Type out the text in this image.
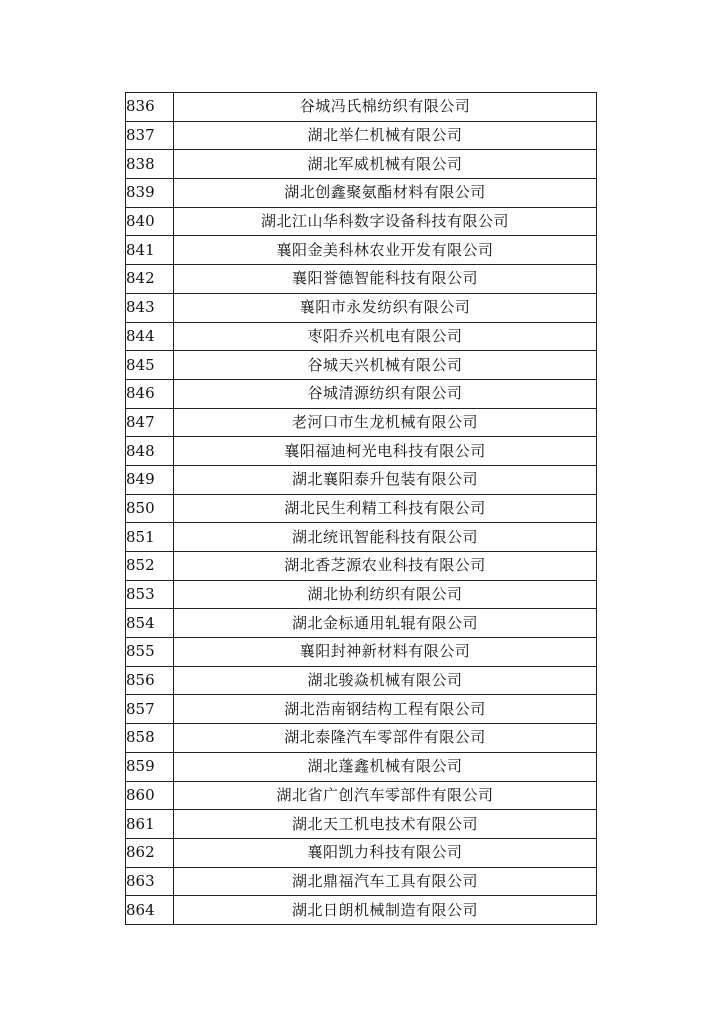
836	谷城冯氏棉纺织有限公司
837	湖北举仁机械有限公司
838	湖北军威机械有限公司
839	湖北创鑫聚氨酯材料有限公司
840	湖北江山华科数字设备科技有限公司
841	襄阳金美科林农业开发有限公司
842	襄阳誉德智能科技有限公司
843	襄阳市永发纺织有限公司
844	枣阳乔兴机电有限公司
845	谷城天兴机械有限公司
846	谷城清源纺织有限公司
847	老河口市生龙机械有限公司
848	襄阳福迪柯光电科技有限公司
849	湖北襄阳泰升包装有限公司
850	湖北民生利精工科技有限公司
851	湖北统讯智能科技有限公司
852	湖北香芝源农业科技有限公司
853	湖北协利纺织有限公司
854	湖北金标通用轧辊有限公司
855	襄阳封神新材料有限公司
856	湖北骏焱机械有限公司
857	湖北浩南钢结构工程有限公司
858	湖北泰隆汽车零部件有限公司
859	湖北蓬鑫机械有限公司
860	湖北省广创汽车零部件有限公司
861	湖北天工机电技术有限公司
862	襄阳凯力科技有限公司
863	湖北鼎福汽车工具有限公司
864	湖北日朗机械制造有限公司
